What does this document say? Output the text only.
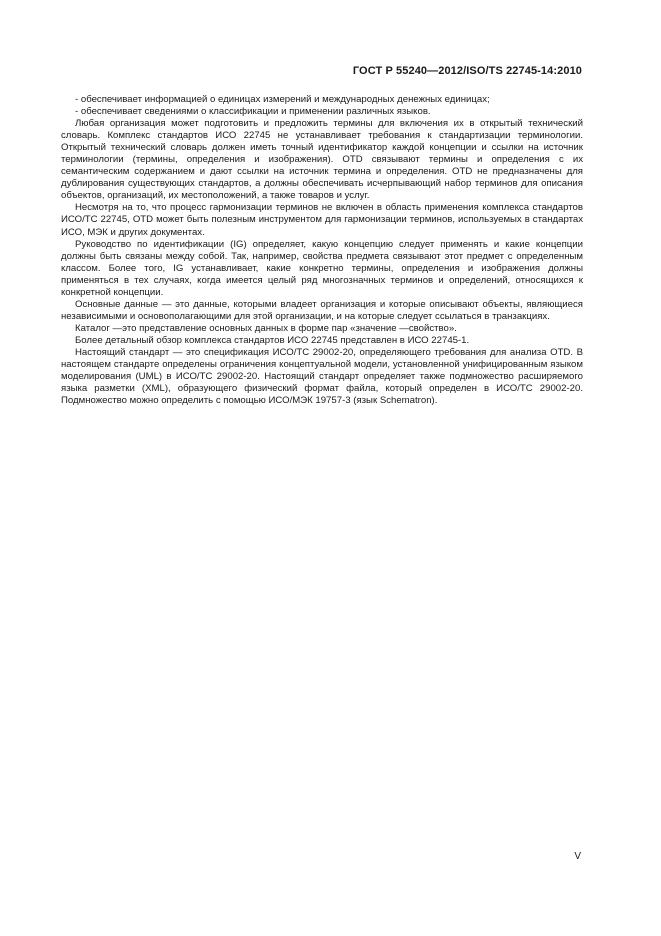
ГОСТ Р 55240—2012/ISO/TS 22745-14:2010

- обеспечивает информацией о единицах измерений и международных денежных единицах;

- обеспечивает сведениями о классификации и применении различных языков.

Любая организация может подготовить и предложить термины для включения их в открытый технический словарь. Комплекс стандартов ИСО 22745 не устанавливает требования к стандартизации терминологии. Открытый технический словарь должен иметь точный идентификатор каждой концепции и ссылки на источник терминологии (термины, определения и изображения). OTD связывают термины и определения с их семантическим содержанием и дают ссылки на источник термина и определения. OTD не предназначены для дублирования существующих стандартов, а должны обеспечивать исчерпывающий набор терминов для описания объектов, организаций, их местоположений, а также товаров и услуг.

Несмотря на то, что процесс гармонизации терминов не включен в область применения комплекса стандартов ИСО/ТС 22745, OTD может быть полезным инструментом для гармонизации терминов, используемых в стандартах ИСО, МЭК и других документах.

Руководство по идентификации (IG) определяет, какую концепцию следует применять и какие концепции должны быть связаны между собой. Так, например, свойства предмета связывают этот предмет с определенным классом. Более того, IG устанавливает, какие конкретно термины, определения и изображения должны применяться в тех случаях, когда имеется целый ряд многозначных терминов и определений, относящихся к конкретной концепции.

Основные данные — это данные, которыми владеет организация и которые описывают объекты, являющиеся независимыми и основополагающими для этой организации, и на которые следует ссылаться в транзакциях.

Каталог —это представление основных данных в форме пар «значение —свойство».

Более детальный обзор комплекса стандартов ИСО 22745 представлен в ИСО 22745-1.

Настоящий стандарт — это спецификация ИСО/ТС 29002-20, определяющего требования для анализа OTD. В настоящем стандарте определены ограничения концептуальной модели, установленной унифицированным языком моделирования (UML) в ИСО/ТС 29002-20. Настоящий стандарт определяет также подмножество расширяемого языка разметки (XML), образующего физический формат файла, который определен в ИСО/ТС 29002-20. Подмножество можно определить с помощью ИСО/МЭК 19757-3 (язык Schematron).

V
